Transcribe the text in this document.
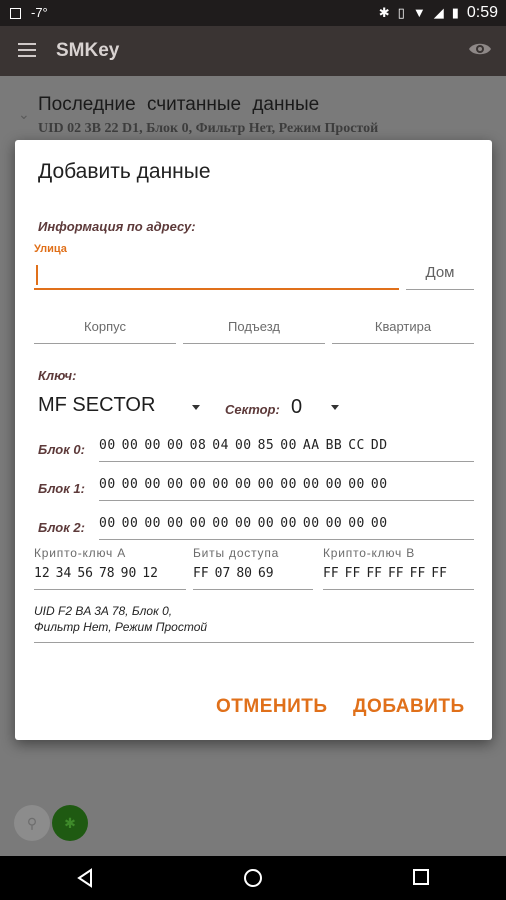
-7°	✱ ▯ ▼ ◢ ▮ 0:59
SMKey
⌄ Последние считанные данные
UID 02 3B 22 D1, Блок 0, Фильтр Нет, Режим Простой
⚲	✱
Добавить данные
Информация по адресу:
Улица
Дом
Корпус	Подъезд	Квартира
Ключ:
MF SECTOR	Сектор: 0
Блок 0: 00 00 00 00 08 04 00 85 00 AA BB CC DD
Блок 1: 00 00 00 00 00 00 00 00 00 00 00 00 00
Блок 2: 00 00 00 00 00 00 00 00 00 00 00 00 00
Крипто-ключ A	Биты доступа	Крипто-ключ B
12 34 56 78 90 12	FF 07 80 69	FF FF FF FF FF FF
UID F2 BA 3A 78, Блок 0,
Фильтр Нет, Режим Простой
ОТМЕНИТЬ ДОБАВИТЬ
